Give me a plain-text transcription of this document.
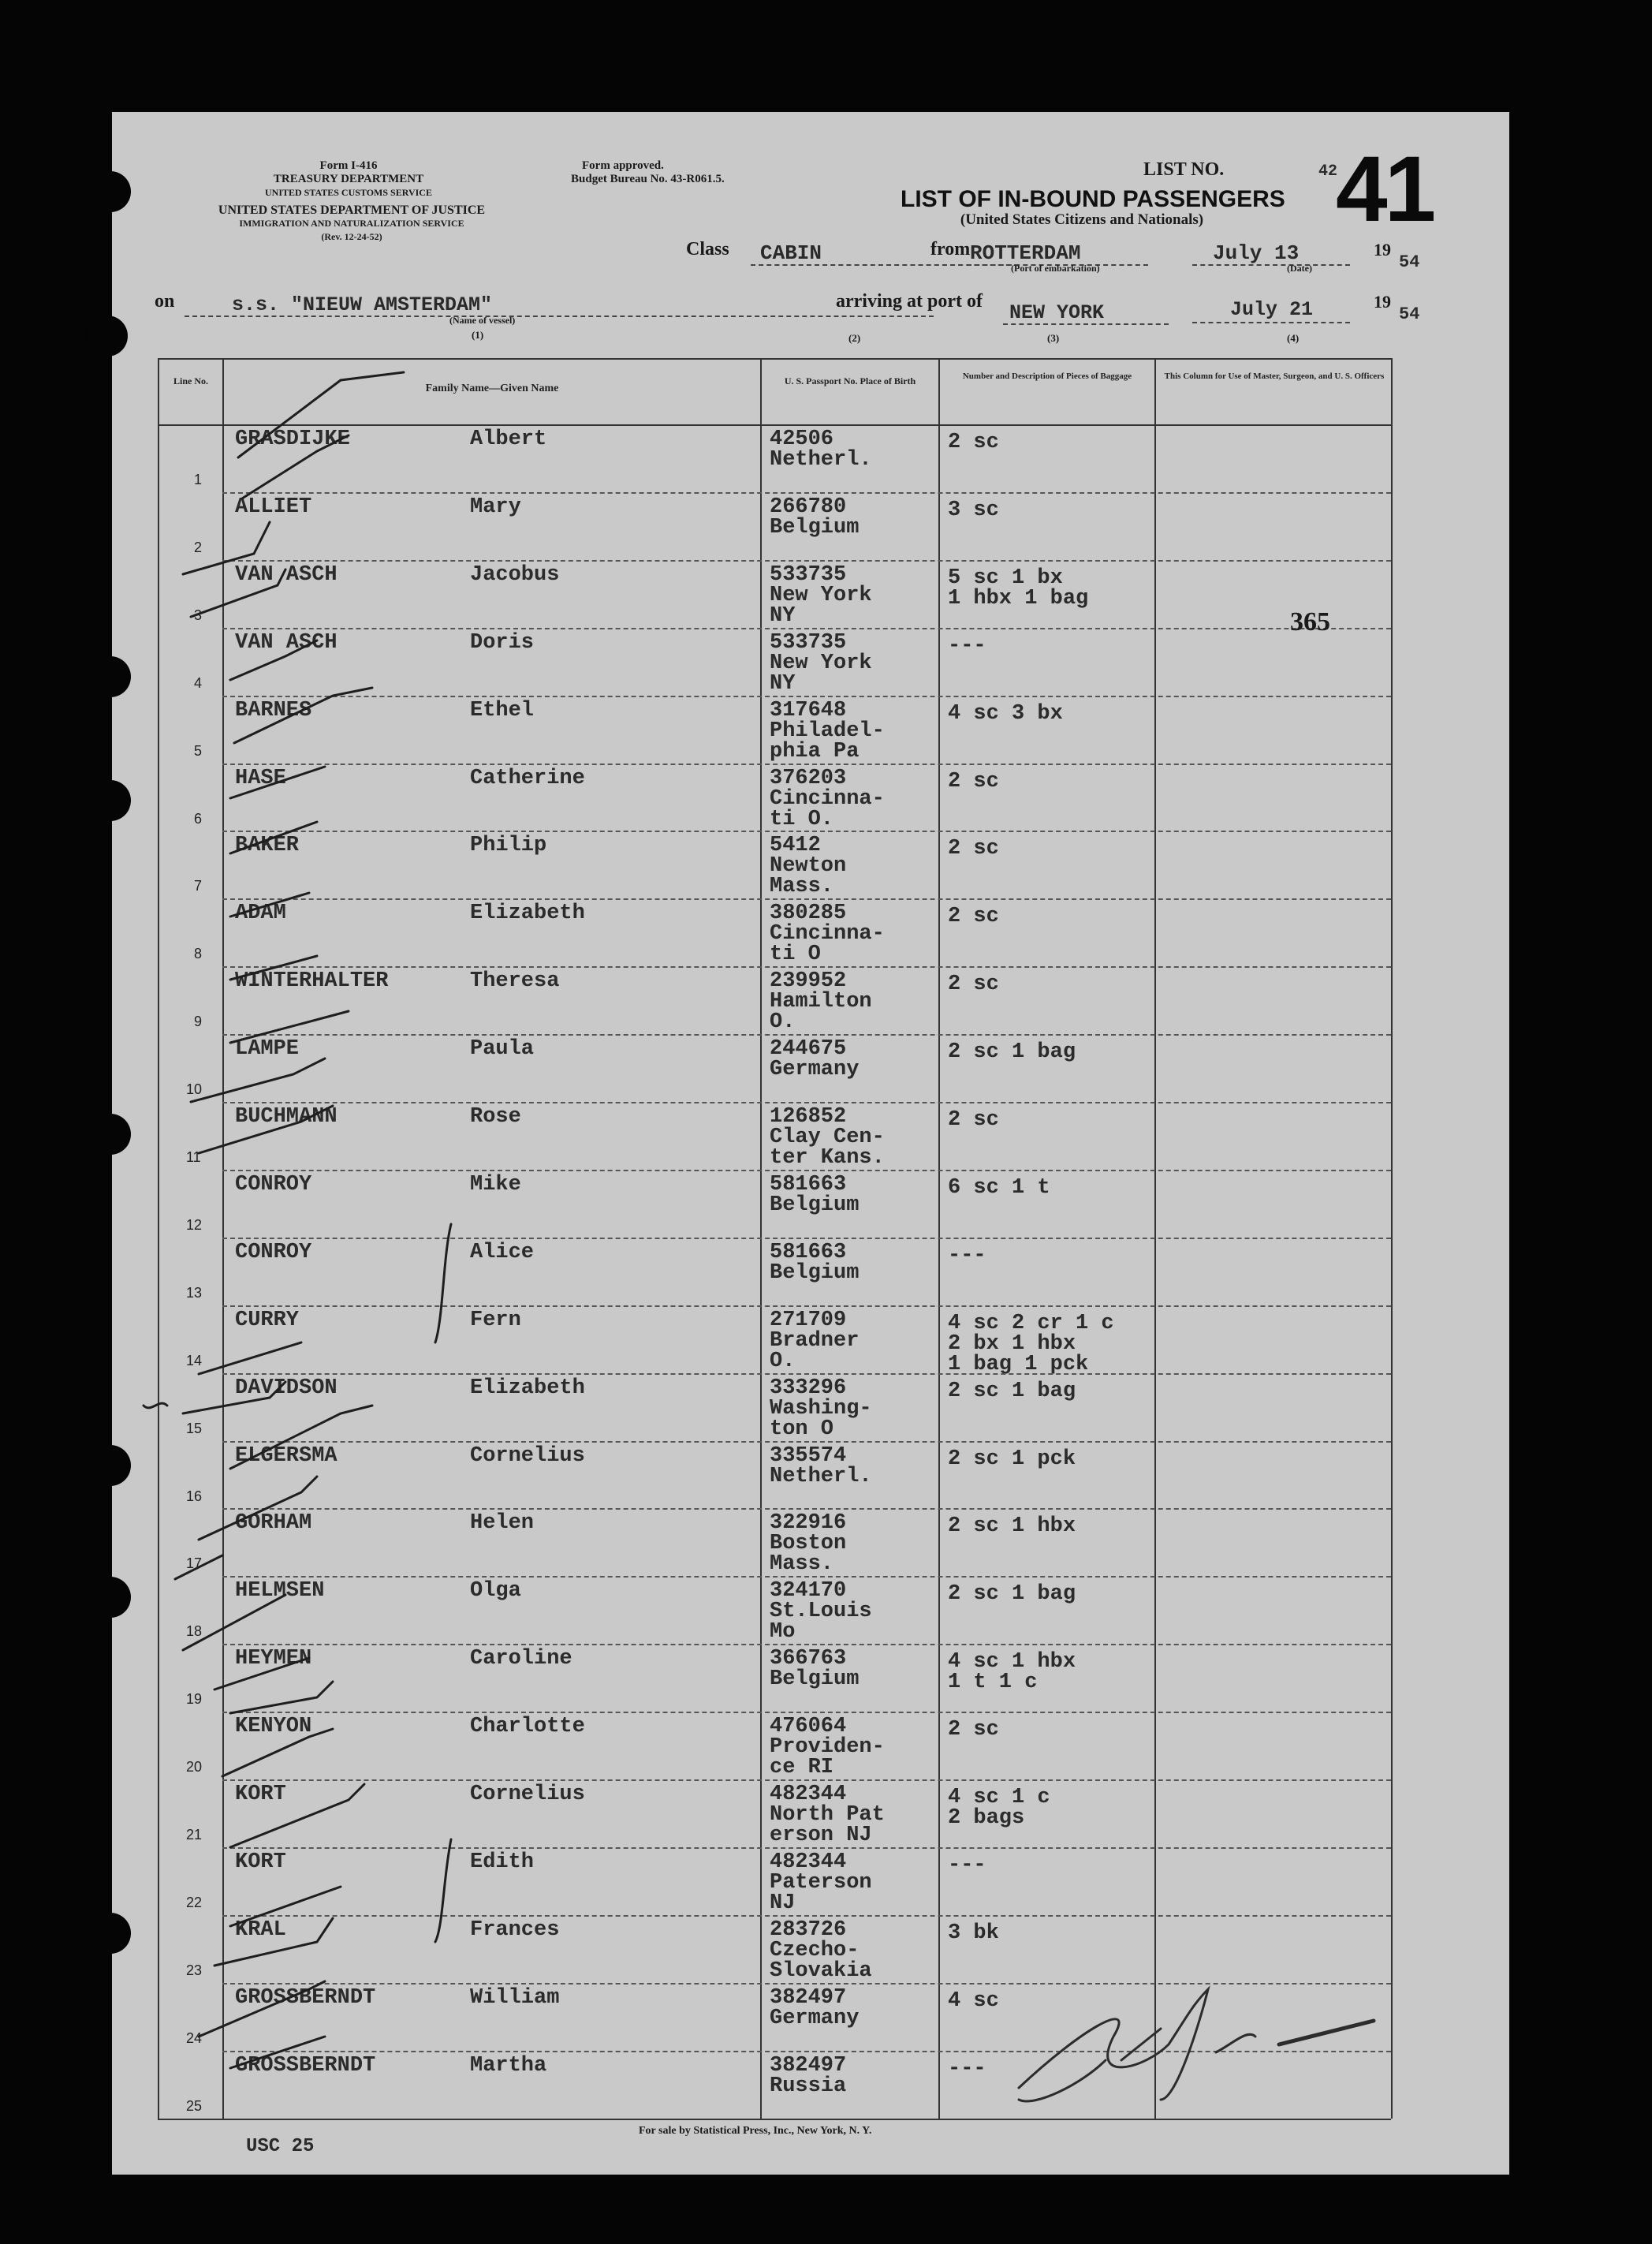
Form I-416
TREASURY DEPARTMENT
UNITED STATES CUSTOMS SERVICE
UNITED STATES DEPARTMENT OF JUSTICE
IMMIGRATION AND NATURALIZATION SERVICE
(Rev. 12-24-52)
Form approved.
Budget Bureau No. 43-R061.5.	LIST NO.	42
41
LIST OF IN-BOUND PASSENGERS
(United States Citizens and Nationals)
Class CABIN	from ROTTERDAM
(Port of embarkation)
July 13
(Date)
19
54
on	s.s. "NIEUW AMSTERDAM"
(Name of vessel)
(1)
arriving at port of NEW YORK	July 21	19
54
(2)	(3)	(4)
Line No.
Family Name—Given Name
U. S. Passport No. Place of Birth	Number and Description of Pieces of Baggage	This Column for Use of Master, Surgeon, and U. S. Officers
1
GRASDIJKE	Albert	42506
Netherl.
2 sc
2
ALLIET	Mary	266780
Belgium
3 sc
3
VAN ASCH	Jacobus	533735
New York
NY
5 sc 1 bx
1 hbx 1 bag
4
VAN ASCH	Doris	533735
New York
NY
---
5
BARNES	Ethel	317648
Philadel-
phia Pa
4 sc 3 bx
6
HASE	Catherine	376203
Cincinna-
ti O.
2 sc
7
BAKER	Philip	5412
Newton
Mass.
2 sc
8
ADAM	Elizabeth	380285
Cincinna-
ti O
2 sc
9
WINTERHALTER	Theresa	239952
Hamilton
O.
2 sc
10
LAMPE	Paula	244675
Germany
2 sc 1 bag
11
BUCHMANN	Rose	126852
Clay Cen-
ter Kans.
2 sc
12
CONROY	Mike	581663
Belgium
6 sc 1 t
13
CONROY	Alice	581663
Belgium
---
14
CURRY	Fern	271709
Bradner
O.
4 sc 2 cr 1 c
2 bx 1 hbx
1 bag 1 pck
15
DAVIDSON	Elizabeth	333296
Washing-
ton O
2 sc 1 bag
16
ELGERSMA	Cornelius	335574
Netherl.
2 sc 1 pck
17
GORHAM	Helen	322916
Boston
Mass.
2 sc 1 hbx
18
HELMSEN	Olga	324170
St.Louis
Mo
2 sc 1 bag
19
HEYMEN	Caroline	366763
Belgium
4 sc 1 hbx
1 t 1 c
20
KENYON	Charlotte	476064
Providen-
ce RI
2 sc
21
KORT	Cornelius	482344
North Pat
erson NJ
4 sc 1 c
2 bags
22
KORT	Edith	482344
Paterson
NJ
---
23
KRAL	Frances	283726
Czecho-
Slovakia
3 bk
24
GROSSBERNDT	William	382497
Germany
4 sc
25
GROSSBERNDT	Martha	382497
Russia
---
365
For sale by Statistical Press, Inc., New York, N. Y.
USC 25
